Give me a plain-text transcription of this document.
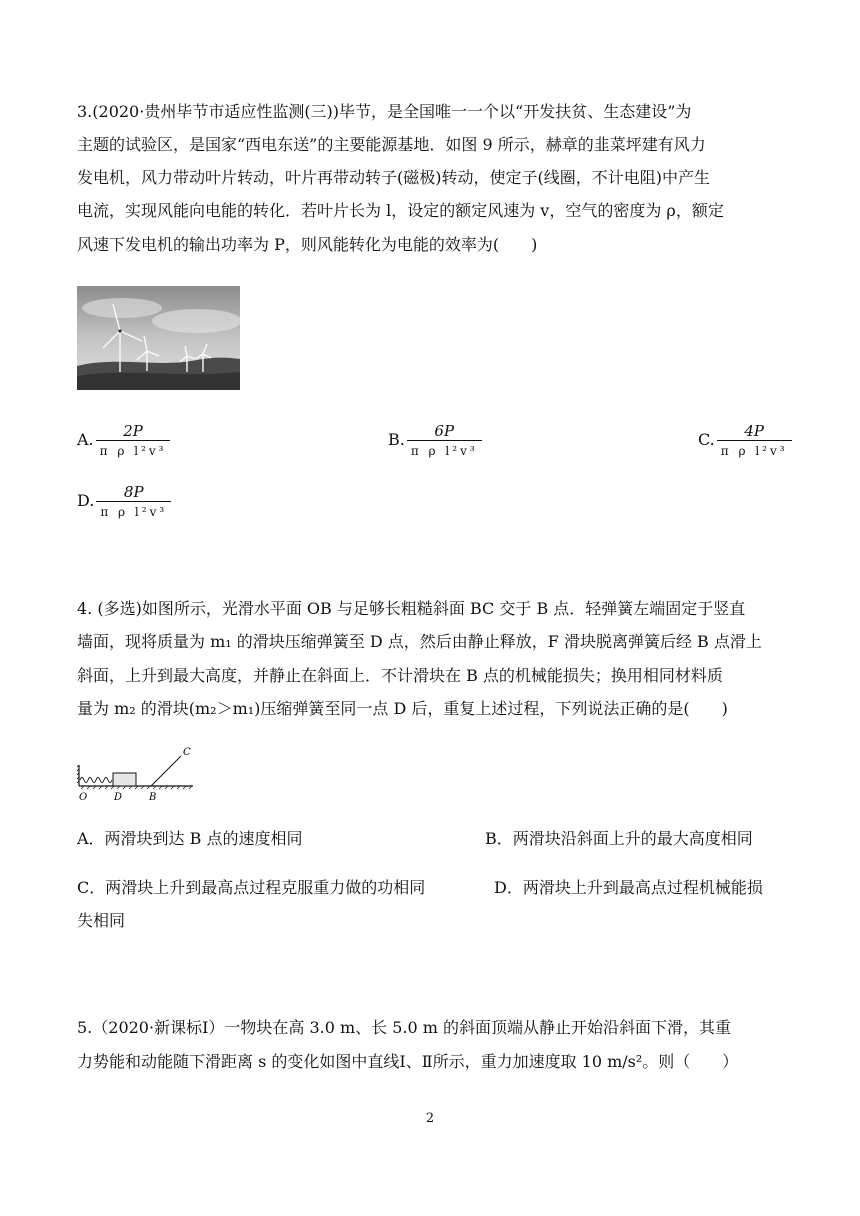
3.(2020·贵州毕节市适应性监测(三))毕节，是全国唯一一个以“开发扶贫、生态建设”为
主题的试验区，是国家“西电东送”的主要能源基地．如图 9 所示，赫章的韭菜坪建有风力
发电机，风力带动叶片转动，叶片再带动转子(磁极)转动，使定子(线圈，不计电阻)中产生
电流，实现风能向电能的转化．若叶片长为 l，设定的额定风速为 v，空气的密度为 ρ，额定
风速下发电机的输出功率为 P，则风能转化为电能的效率为(　　)
A. $\frac{2P}{\text{π ρ l²v³}}$	B. $\frac{6P}{\text{π ρ l²v³}}$	C. $\frac{4P}{\text{π ρ l²v³}}$
D. $\frac{8P}{\text{π ρ l²v³}}$
4. (多选)如图所示，光滑水平面 OB 与足够长粗糙斜面 BC 交于 B 点．轻弹簧左端固定于竖直
墙面，现将质量为 m₁ 的滑块压缩弹簧至 D 点，然后由静止释放，F 滑块脱离弹簧后经 B 点滑上
斜面，上升到最大高度，并静止在斜面上．不计滑块在 B 点的机械能损失；换用相同材料质
量为 m₂ 的滑块(m₂＞m₁)压缩弹簧至同一点 D 后，重复上述过程，下列说法正确的是(　　)
C
O	D	B
A．两滑块到达 B 点的速度相同	B．两滑块沿斜面上升的最大高度相同
C．两滑块上升到最高点过程克服重力做的功相同	D．两滑块上升到最高点过程机械能损
失相同
5.（2020·新课标Ⅰ）一物块在高 3.0 m、长 5.0 m 的斜面顶端从静止开始沿斜面下滑，其重
力势能和动能随下滑距离 s 的变化如图中直线Ⅰ、Ⅱ所示，重力加速度取 10 m/s²。则（　　）
2
